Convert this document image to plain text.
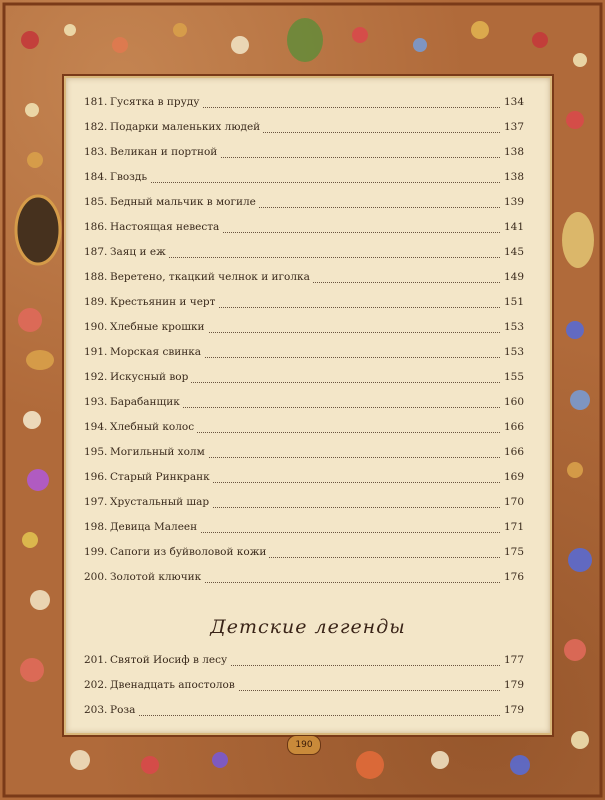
181. Гусятка в пруду	134
182. Подарки маленьких людей	137
183. Великан и портной	138
184. Гвоздь	138
185. Бедный мальчик в могиле	139
186. Настоящая невеста	141
187. Заяц и еж	145
188. Веретено, ткацкий челнок и иголка	149
189. Крестьянин и черт	151
190. Хлебные крошки	153
191. Морская свинка	153
192. Искусный вор	155
193. Барабанщик	160
194. Хлебный колос	166
195. Могильный холм	166
196. Старый Ринкранк	169
197. Хрустальный шар	170
198. Девица Малеен	171
199. Сапоги из буйволовой кожи	175
200. Золотой ключик	176
Детские легенды
201. Святой Иосиф в лесу	177
202. Двенадцать апостолов	179
203. Роза	179
190
